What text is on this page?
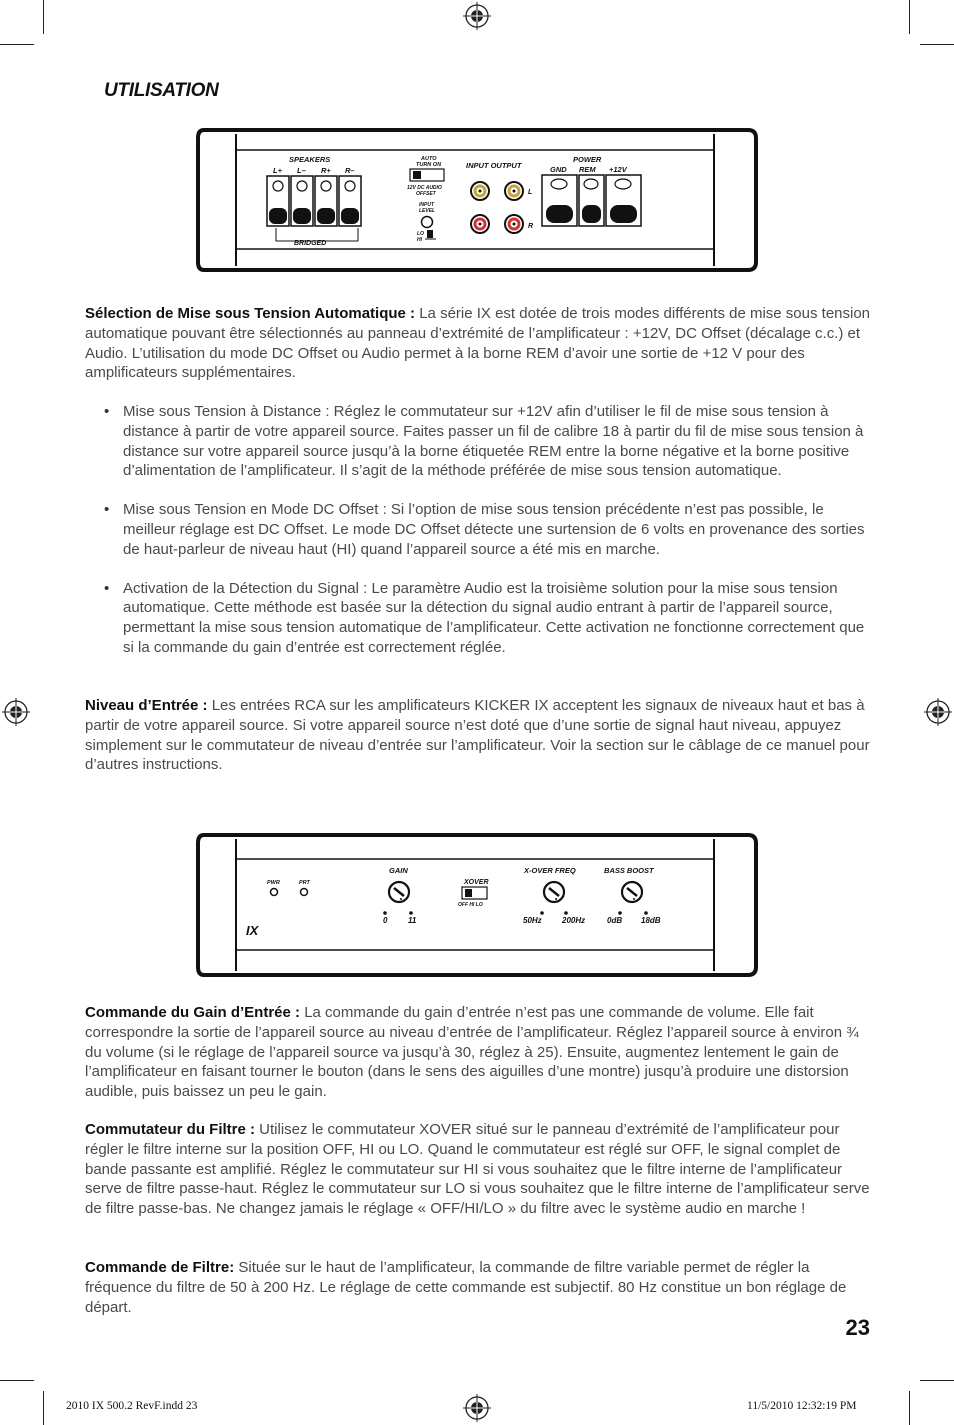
UTILISATION
SPEAKERS
L+ L– R+ R–
BRIDGED
AUTO
TURN ON
12V DC AUDIO
OFFSET
INPUT
LEVEL
LO
HI
INPUT OUTPUT
L
R
POWER
GND REM +12V

Sélection de Mise sous Tension Automatique : La série IX est dotée de trois modes différents de mise sous tension automatique pouvant être sélectionnés au panneau d’extrémité de l’amplificateur : +12V, DC Offset (décalage c.c.) et Audio. L’utilisation du mode DC Offset ou Audio permet à la borne REM d’avoir une sortie de +12 V pour des amplificateurs supplémentaires.

• Mise sous Tension à Distance : Réglez le commutateur sur +12V afin d’utiliser le fil de mise sous tension à distance à partir de votre appareil source. Faites passer un fil de calibre 18 à partir du fil de mise sous tension à distance sur votre appareil source jusqu’à la borne étiquetée REM entre la borne négative et la borne positive d’alimentation de l’amplificateur. Il s’agit de la méthode préférée de mise sous tension automatique.
• Mise sous Tension en Mode DC Offset : Si l’option de mise sous tension précédente n’est pas possible, le meilleur réglage est DC Offset. Le mode DC Offset détecte une surtension de 6 volts en provenance des sorties de haut-parleur de niveau haut (HI) quand l’appareil source a été mis en marche.
• Activation de la Détection du Signal : Le paramètre Audio est la troisième solution pour la mise sous tension automatique. Cette méthode est basée sur la détection du signal audio entrant à partir de l’appareil source, permettant la mise sous tension automatique de l’amplificateur. Cette activation ne fonctionne correctement que si la commande du gain d’entrée est correctement réglée.

Niveau d’Entrée : Les entrées RCA sur les amplificateurs KICKER IX acceptent les signaux de niveaux haut et bas à partir de votre appareil source. Si votre appareil source n’est doté que d’une sortie de signal haut niveau, appuyez simplement sur le commutateur de niveau d’entrée sur l’amplificateur. Voir la section sur le câblage de ce manuel pour d’autres instructions.

PWR	PRT
GAIN
0	11
XOVER
OFF HI LO
X-OVER FREQ
50Hz	200Hz
BASS BOOST
0dB 18dB
IX

Commande du Gain d’Entrée : La commande du gain d’entrée n’est pas une commande de volume. Elle fait correspondre la sortie de l’appareil source au niveau d’entrée de l’amplificateur. Réglez l’appareil source à environ ¾ du volume (si le réglage de l’appareil source va jusqu’à 30, réglez à 25). Ensuite, augmentez lentement le gain de l’amplificateur en faisant tourner le bouton (dans le sens des aiguilles d’une montre) jusqu’à produire une distorsion audible, puis baissez un peu le gain.

Commutateur du Filtre : Utilisez le commutateur XOVER situé sur le panneau d’extrémité de l’amplificateur pour régler le filtre interne sur la position OFF, HI ou LO. Quand le commutateur est réglé sur OFF, le signal complet de bande passante est amplifié. Réglez le commutateur sur HI si vous souhaitez que le filtre interne de l’amplificateur serve de filtre passe-haut. Réglez le commutateur sur LO si vous souhaitez que le filtre interne de l’amplificateur serve de filtre passe-bas. Ne changez jamais le réglage « OFF/HI/LO » du filtre avec le système audio en marche !

Commande de Filtre: Située sur le haut de l’amplificateur, la commande de filtre variable permet de régler la fréquence du filtre de 50 à 200 Hz. Le réglage de cette commande est subjectif. 80 Hz constitue un bon réglage de départ.

23
2010 IX 500.2 RevF.indd 23	11/5/2010 12:32:19 PM
